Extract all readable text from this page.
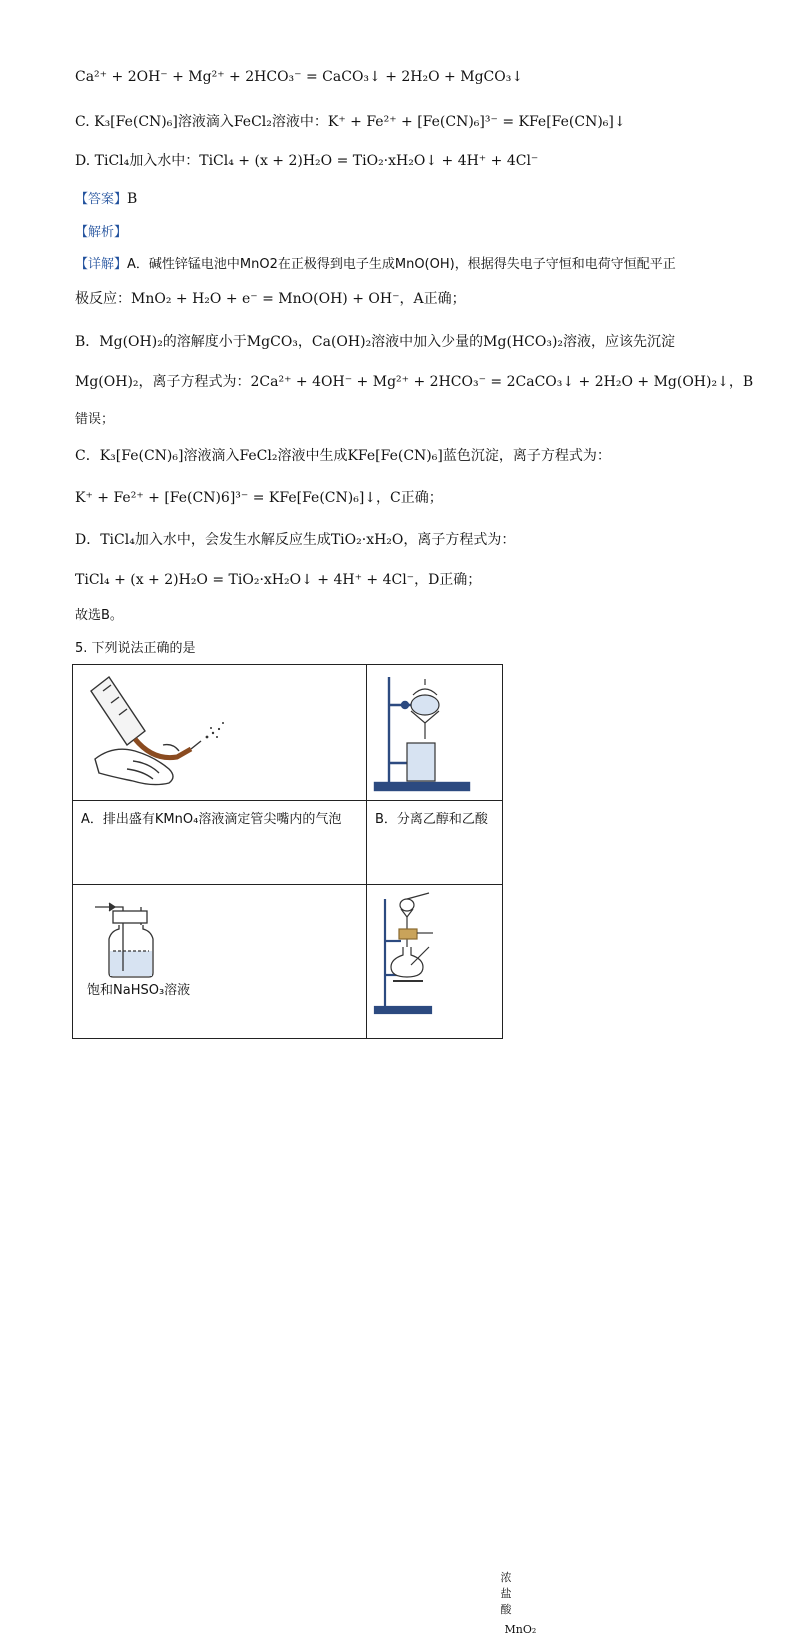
Ca²⁺ + 2OH⁻ + Mg²⁺ + 2HCO₃⁻ = CaCO₃↓ + 2H₂O + MgCO₃↓
C. K₃[Fe(CN)₆]溶液滴入FeCl₂溶液中：K⁺ + Fe²⁺ + [Fe(CN)₆]³⁻ = KFe[Fe(CN)₆]↓
D. TiCl₄加入水中：TiCl₄ + (x + 2)H₂O = TiO₂·xH₂O↓ + 4H⁺ + 4Cl⁻
【答案】B
【解析】
【详解】A．碱性锌锰电池中MnO2在正极得到电子生成MnO(OH)，根据得失电子守恒和电荷守恒配平正
极反应：MnO₂ + H₂O + e⁻ = MnO(OH) + OH⁻，A正确；
B．Mg(OH)₂的溶解度小于MgCO₃，Ca(OH)₂溶液中加入少量的Mg(HCO₃)₂溶液，应该先沉淀
Mg(OH)₂，离子方程式为：2Ca²⁺ + 4OH⁻ + Mg²⁺ + 2HCO₃⁻ = 2CaCO₃↓ + 2H₂O + Mg(OH)₂↓，B
错误；
C．K₃[Fe(CN)₆]溶液滴入FeCl₂溶液中生成KFe[Fe(CN)₆]蓝色沉淀，离子方程式为：
K⁺ + Fe²⁺ + [Fe(CN)6]³⁻ = KFe[Fe(CN)₆]↓，C正确；
D．TiCl₄加入水中，会发生水解反应生成TiO₂·xH₂O，离子方程式为：
TiCl₄ + (x + 2)H₂O = TiO₂·xH₂O↓ + 4H⁺ + 4Cl⁻，D正确；
故选B。
5. 下列说法正确的是

A．排出盛有KMnO₄溶液滴定管尖嘴内的气泡	B．分离乙醇和乙酸

饱和NaHSO₃溶液	浓盐酸
MnO₂
